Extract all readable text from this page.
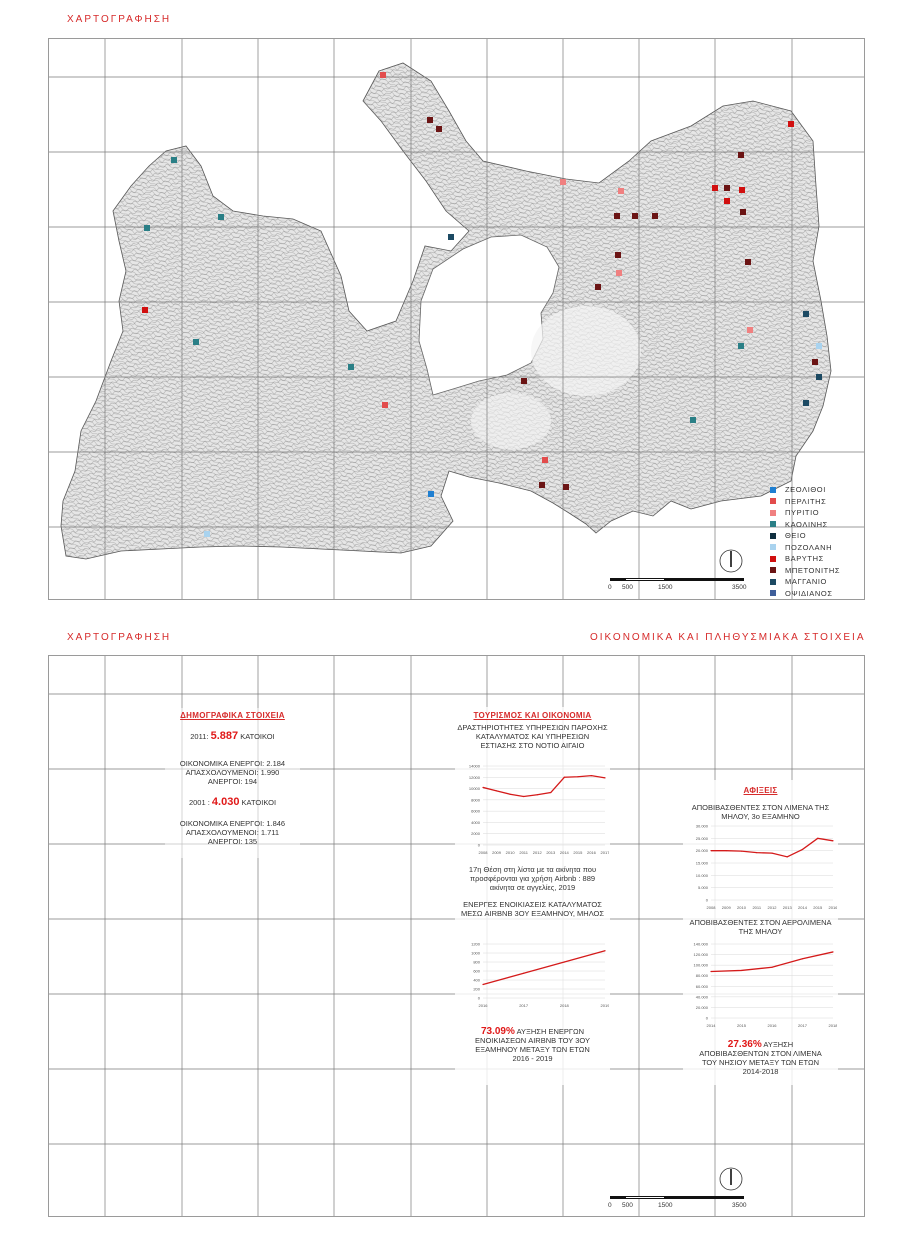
ΧΑΡΤΟΓΡΑΦΗΣΗ
ΖΕΟΛΙΘΟΙ
ΠΕΡΛΙΤΗΣ
ΠΥΡΙΤΙΟ
ΚΑΟΛΙΝΗΣ
ΘΕΙΟ
ΠΟΖΟΛΑΝΗ
ΒΑΡΥΤΗΣ
ΜΠΕΤΟΝΙΤΗΣ
ΜΑΓΓΑΝΙΟ
ΟΨΙΔΙΑΝΟΣ
0 500	1500	3500
ΧΑΡΤΟΓΡΑΦΗΣΗ	ΟΙΚΟΝΟΜΙΚΑ ΚΑΙ ΠΛΗΘΥΣΜΙΑΚΑ ΣΤΟΙΧΕΙΑ
ΔΗΜΟΓΡΑΦΙΚΑ ΣΤΟΙΧΕΙΑ
2011: 5.887 ΚΑΤΟΙΚΟΙ
ΟΙΚΟΝΟΜΙΚΑ ΕΝΕΡΓΟΙ: 2.184
ΑΠΑΣΧΟΛΟΥΜΕΝΟΙ: 1.990
ΑΝΕΡΓΟΙ: 194
2001 : 4.030 ΚΑΤΟΙΚΟΙ
ΟΙΚΟΝΟΜΙΚΑ ΕΝΕΡΓΟΙ: 1.846
ΑΠΑΣΧΟΛΟΥΜΕΝΟΙ: 1.711
ΑΝΕΡΓΟΙ: 135
ΤΟΥΡΙΣΜΟΣ ΚΑΙ ΟΙΚΟΝΟΜΙΑ
ΔΡΑΣΤΗΡΙΟΤΗΤΕΣ ΥΠΗΡΕΣΙΩΝ ΠΑΡΟΧΗΣ
ΚΑΤΑΛΥΜΑΤΟΣ ΚΑΙ ΥΠΗΡΕΣΙΩΝ
ΕΣΤΙΑΣΗΣ ΣΤΟ ΝΟΤΙΟ ΑΙΓΑΙΟ
17η Θέση στη λίστα με τα ακίνητα που
προσφέρονται για χρήση Airbnb : 889
ακίνητα σε αγγελίες, 2019
ΕΝΕΡΓΕΣ ΕΝΟΙΚΙΑΣΕΙΣ ΚΑΤΑΛΥΜΑΤΟΣ
ΜΕΣΩ AIRBNB 3ΟΥ ΕΞΑΜΗΝΟΥ, ΜΗΛΟΣ
73.09% ΑΥΞΗΣΗ ΕΝΕΡΓΩΝ
ΕΝΟΙΚΙΑΣΕΩΝ AIRBNB ΤΟΥ 3ΟΥ
ΕΞΑΜΗΝΟΥ ΜΕΤΑΞΥ ΤΩΝ ΕΤΩΝ
2016 - 2019
ΑΦΙΞΕΙΣ
ΑΠΟΒΙΒΑΣΘΕΝΤΕΣ ΣΤΟΝ ΛΙΜΕΝΑ ΤΗΣ
ΜΗΛΟΥ, 3ο ΕΞΑΜΗΝΟ
ΑΠΟΒΙΒΑΣΘΕΝΤΕΣ ΣΤΟΝ ΑΕΡΟΛΙΜΕΝΑ
ΤΗΣ ΜΗΛΟΥ
27.36% ΑΥΞΗΣΗ
ΑΠΟΒΙΒΑΣΘΕΝΤΩΝ ΣΤΟΝ ΛΙΜΕΝΑ
ΤΟΥ ΝΗΣΙΟΥ ΜΕΤΑΞΥ ΤΩΝ ΕΤΩΝ
2014-2018
0
2000
4000
6000
8000
10000
12000
14000
2008 2009 2010 2011 2012 2013 2014 2015 2016 2017
0
200
400
600
800
1000
1200
2016	2017	2018	2019
0
5.000
10.000
15.000
20.000
25.000
30.000
2008 2009 2010 2011 2012 2013 2014 2015 2016
0
20.000
40.000
60.000
80.000
100.000
120.000
140.000
2014	2015	2016	2017	2018
0 500	1500	3500
